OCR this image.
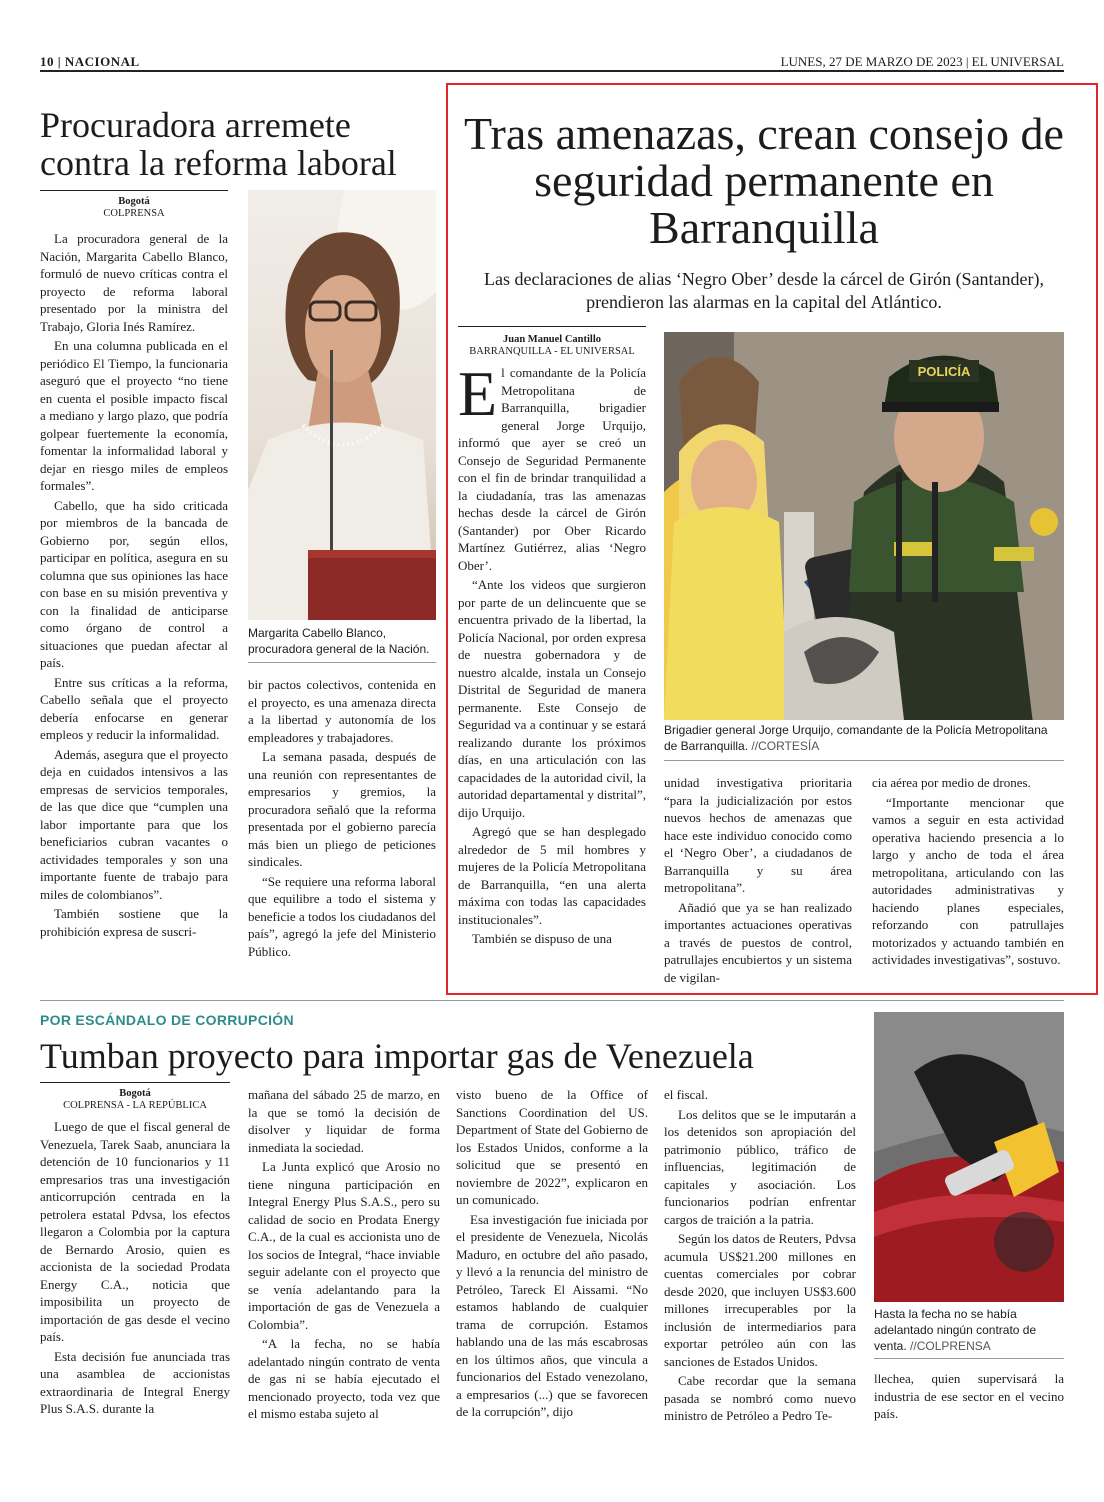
10 | NACIONAL	LUNES, 27 DE MARZO DE 2023 | EL UNIVERSAL
Procuradora arremete contra la reforma laboral
Bogotá
COLPRENSA

La procuradora general de la Nación, Margarita Cabello Blanco, formuló de nuevo críticas contra el proyecto de reforma laboral presentado por la ministra del Trabajo, Gloria Inés Ramírez.

En una columna publicada en el periódico El Tiempo, la funcionaria aseguró que el proyecto “no tiene en cuenta el posible impacto fiscal a mediano y largo plazo, que podría golpear fuertemente la economía, fomentar la informalidad laboral y dejar en riesgo miles de empleos formales”.

Cabello, que ha sido criticada por miembros de la bancada de Gobierno por, según ellos, participar en política, asegura en su columna que sus opiniones las hace con base en su misión preventiva y con la finalidad de anticiparse como órgano de control a situaciones que puedan afectar al país.

Entre sus críticas a la reforma, Cabello señala que el proyecto debería enfocarse en generar empleos y reducir la informalidad.

Además, asegura que el proyecto deja en cuidados intensivos a las empresas de servicios temporales, de las que dice que “cumplen una labor importante para que los beneficiarios cubran vacantes o actividades temporales y son una importante fuente de trabajo para miles de colombianos”.

También sostiene que la prohibición expresa de suscri-

Margarita Cabello Blanco, procuradora general de la Nación.

bir pactos colectivos, contenida en el proyecto, es una amenaza directa a la libertad y autonomía de los empleadores y trabajadores.

La semana pasada, después de una reunión con representantes de empresarios y gremios, la procuradora señaló que la reforma presentada por el gobierno parecía más bien un pliego de peticiones sindicales.

“Se requiere una reforma laboral que equilibre a todo el sistema y beneficie a todos los ciudadanos del país”, agregó la jefe del Ministerio Público.

Tras amenazas, crean consejo de seguridad permanente en Barranquilla
Las declaraciones de alias ‘Negro Ober’ desde la cárcel de Girón (Santander), prendieron las alarmas en la capital del Atlántico.
Juan Manuel Cantillo
BARRANQUILLA - EL UNIVERSAL

El comandante de la Policía Metropolitana de Barranquilla, brigadier general Jorge Urquijo, informó que ayer se creó un Consejo de Seguridad Permanente con el fin de brindar tranquilidad a la ciudadanía, tras las amenazas hechas desde la cárcel de Girón (Santander) por Ober Ricardo Martínez Gutiérrez, alias ‘Negro Ober’.

“Ante los videos que surgieron por parte de un delincuente que se encuentra privado de la libertad, la Policía Nacional, por orden expresa de nuestra gobernadora y de nuestro alcalde, instala un Consejo Distrital de Seguridad de manera permanente. Este Consejo de Seguridad va a continuar y se estará realizando durante los próximos días, en una articulación con las capacidades de la autoridad civil, la autoridad departamental y distrital”, dijo Urquijo.

Agregó que se han desplegado alrededor de 5 mil hombres y mujeres de la Policía Metropolitana de Barranquilla, “en una alerta máxima con todas las capacidades institucionales”.

También se dispuso de una

POLICÍA
Brigadier general Jorge Urquijo, comandante de la Policía Metropolitana de Barranquilla. //CORTESÍA

unidad investigativa prioritaria “para la judicialización por estos nuevos hechos de amenazas que hace este individuo conocido como el ‘Negro Ober’, a ciudadanos de Barranquilla y su área metropolitana”.

Añadió que ya se han realizado importantes actuaciones operativas a través de puestos de control, patrullajes encubiertos y un sistema de vigilan-

cia aérea por medio de drones.

“Importante mencionar que vamos a seguir en esta actividad operativa haciendo presencia a lo largo y ancho de toda el área metropolitana, articulando con las autoridades administrativas y haciendo planes especiales, reforzando con patrullajes motorizados y actuando también en actividades investigativas”, sostuvo.

POR ESCÁNDALO DE CORRUPCIÓN
Tumban proyecto para importar gas de Venezuela
Bogotá
COLPRENSA - LA REPÚBLICA

Luego de que el fiscal general de Venezuela, Tarek Saab, anunciara la detención de 10 funcionarios y 11 empresarios tras una investigación anticorrupción centrada en la petrolera estatal Pdvsa, los efectos llegaron a Colombia por la captura de Bernardo Arosio, quien es accionista de la sociedad Prodata Energy C.A., noticia que imposibilita un proyecto de importación de gas desde el vecino país.

Esta decisión fue anunciada tras una asamblea de accionistas extraordinaria de Integral Energy Plus S.A.S. durante la

mañana del sábado 25 de marzo, en la que se tomó la decisión de disolver y liquidar de forma inmediata la sociedad.

La Junta explicó que Arosio no tiene ninguna participación en Integral Energy Plus S.A.S., pero su calidad de socio en Prodata Energy C.A., de la cual es accionista uno de los socios de Integral, “hace inviable seguir adelante con el proyecto que se venía adelantando para la importación de gas de Venezuela a Colombia”.

“A la fecha, no se había adelantado ningún contrato de venta de gas ni se había ejecutado el mencionado proyecto, toda vez que el mismo estaba sujeto al

visto bueno de la Office of Sanctions Coordination del US. Department of State del Gobierno de los Estados Unidos, conforme a la solicitud que se presentó en noviembre de 2022”, explicaron en un comunicado.

Esa investigación fue iniciada por el presidente de Venezuela, Nicolás Maduro, en octubre del año pasado, y llevó a la renuncia del ministro de Petróleo, Tareck El Aissami. “No estamos hablando de cualquier trama de corrupción. Estamos hablando una de las más escabrosas en los últimos años, que vincula a funcionarios del Estado venezolano, a empresarios (...) que se favorecen de la corrupción”, dijo

el fiscal.

Los delitos que se le imputarán a los detenidos son apropiación del patrimonio público, tráfico de influencias, legitimación de capitales y asociación. Los funcionarios podrían enfrentar cargos de traición a la patria.

Según los datos de Reuters, Pdvsa acumula US$21.200 millones en cuentas comerciales por cobrar desde 2020, que incluyen US$3.600 millones irrecuperables por la inclusión de intermediarios para exportar petróleo aún con las sanciones de Estados Unidos.

Cabe recordar que la semana pasada se nombró como nuevo ministro de Petróleo a Pedro Te-

Hasta la fecha no se había adelantado ningún contrato de venta. //COLPRENSA

llechea, quien supervisará la industria de ese sector en el vecino país.
